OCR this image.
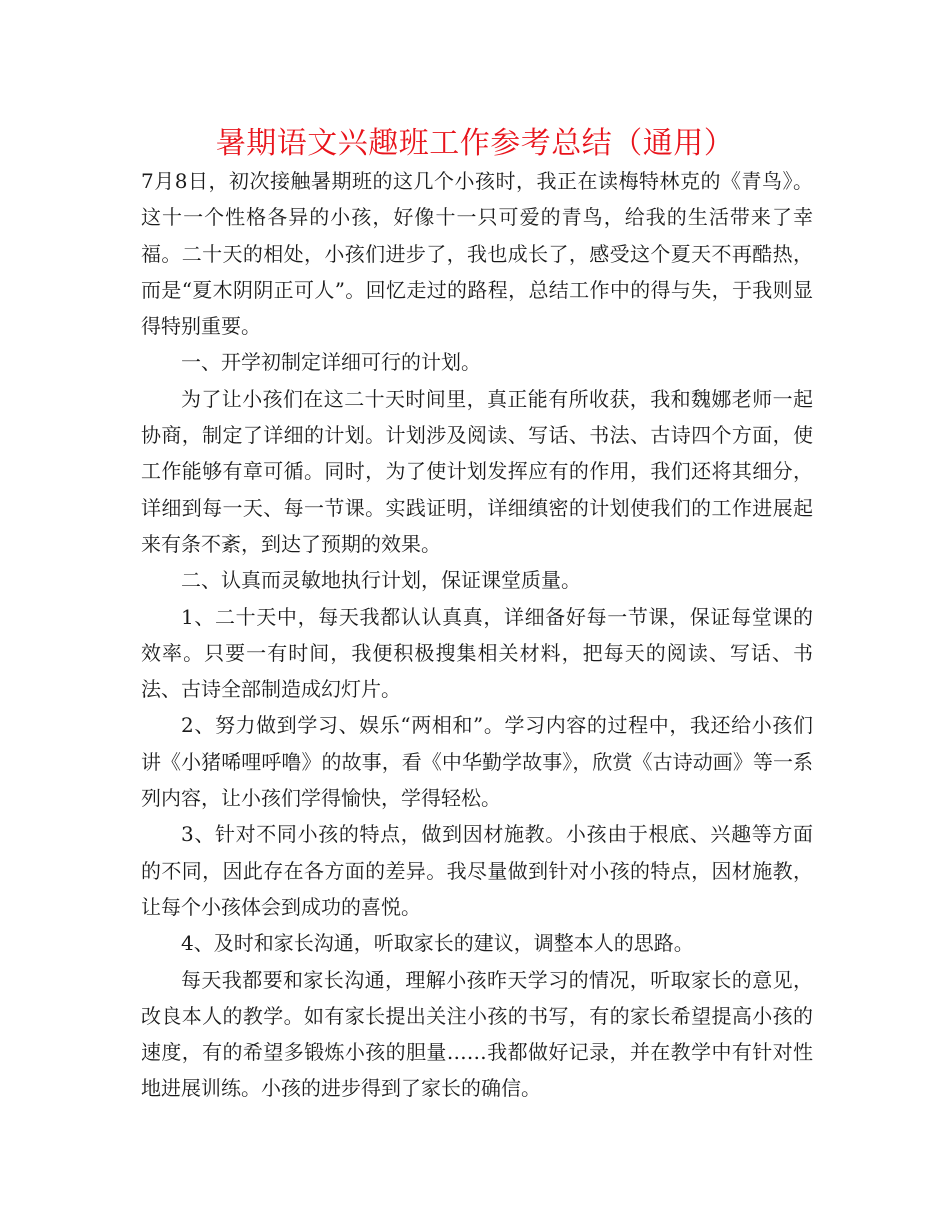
暑期语文兴趣班工作参考总结（通用）

7月8日，初次接触暑期班的这几个小孩时，我正在读梅特林克的《青鸟》。这十一个性格各异的小孩，好像十一只可爱的青鸟，给我的生活带来了幸福。二十天的相处，小孩们进步了，我也成长了，感受这个夏天不再酷热，而是“夏木阴阴正可人”。回忆走过的路程，总结工作中的得与失，于我则显得特别重要。

一、开学初制定详细可行的计划。

为了让小孩们在这二十天时间里，真正能有所收获，我和魏娜老师一起协商，制定了详细的计划。计划涉及阅读、写话、书法、古诗四个方面，使工作能够有章可循。同时，为了使计划发挥应有的作用，我们还将其细分，详细到每一天、每一节课。实践证明，详细缜密的计划使我们的工作进展起来有条不紊，到达了预期的效果。

二、认真而灵敏地执行计划，保证课堂质量。

1、二十天中，每天我都认认真真，详细备好每一节课，保证每堂课的效率。只要一有时间，我便积极搜集相关材料，把每天的阅读、写话、书法、古诗全部制造成幻灯片。

2、努力做到学习、娱乐“两相和”。学习内容的过程中，我还给小孩们讲《小猪唏哩呼噜》的故事，看《中华勤学故事》，欣赏《古诗动画》等一系列内容，让小孩们学得愉快，学得轻松。

3、针对不同小孩的特点，做到因材施教。小孩由于根底、兴趣等方面的不同，因此存在各方面的差异。我尽量做到针对小孩的特点，因材施教，让每个小孩体会到成功的喜悦。

4、及时和家长沟通，听取家长的建议，调整本人的思路。

每天我都要和家长沟通，理解小孩昨天学习的情况，听取家长的意见，改良本人的教学。如有家长提出关注小孩的书写，有的家长希望提高小孩的速度，有的希望多锻炼小孩的胆量……我都做好记录，并在教学中有针对性地进展训练。小孩的进步得到了家长的确信。
